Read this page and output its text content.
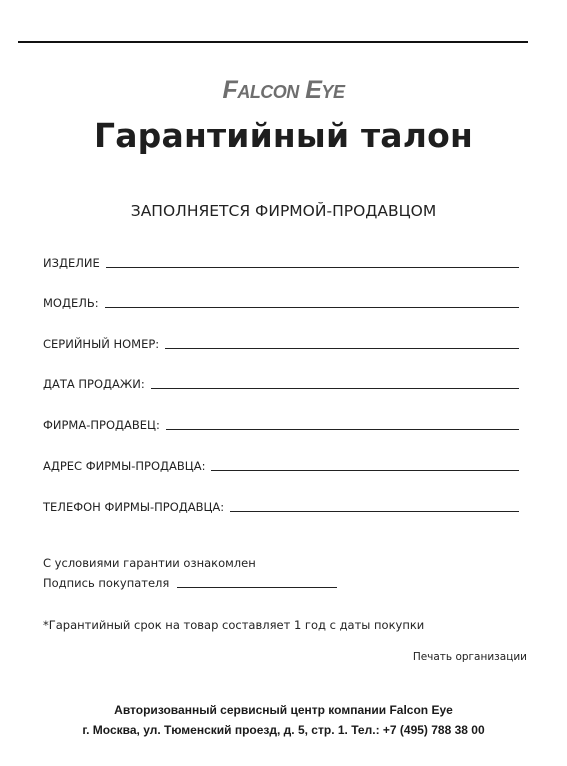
Falcon Eye
Гарантийный талон
ЗАПОЛНЯЕТСЯ ФИРМОЙ-ПРОДАВЦОМ
ИЗДЕЛИЕ
МОДЕЛЬ:
СЕРИЙНЫЙ НОМЕР:
ДАТА ПРОДАЖИ:
ФИРМА-ПРОДАВЕЦ:
АДРЕС ФИРМЫ-ПРОДАВЦА:
ТЕЛЕФОН ФИРМЫ-ПРОДАВЦА:
С условиями гарантии ознакомлен
Подпись покупателя
*Гарантийный срок на товар составляет 1 год с даты покупки
Печать организации
Авторизованный сервисный центр компании Falcon Eye
г. Москва, ул. Тюменский проезд, д. 5, стр. 1. Тел.: +7 (495) 788 38 00
